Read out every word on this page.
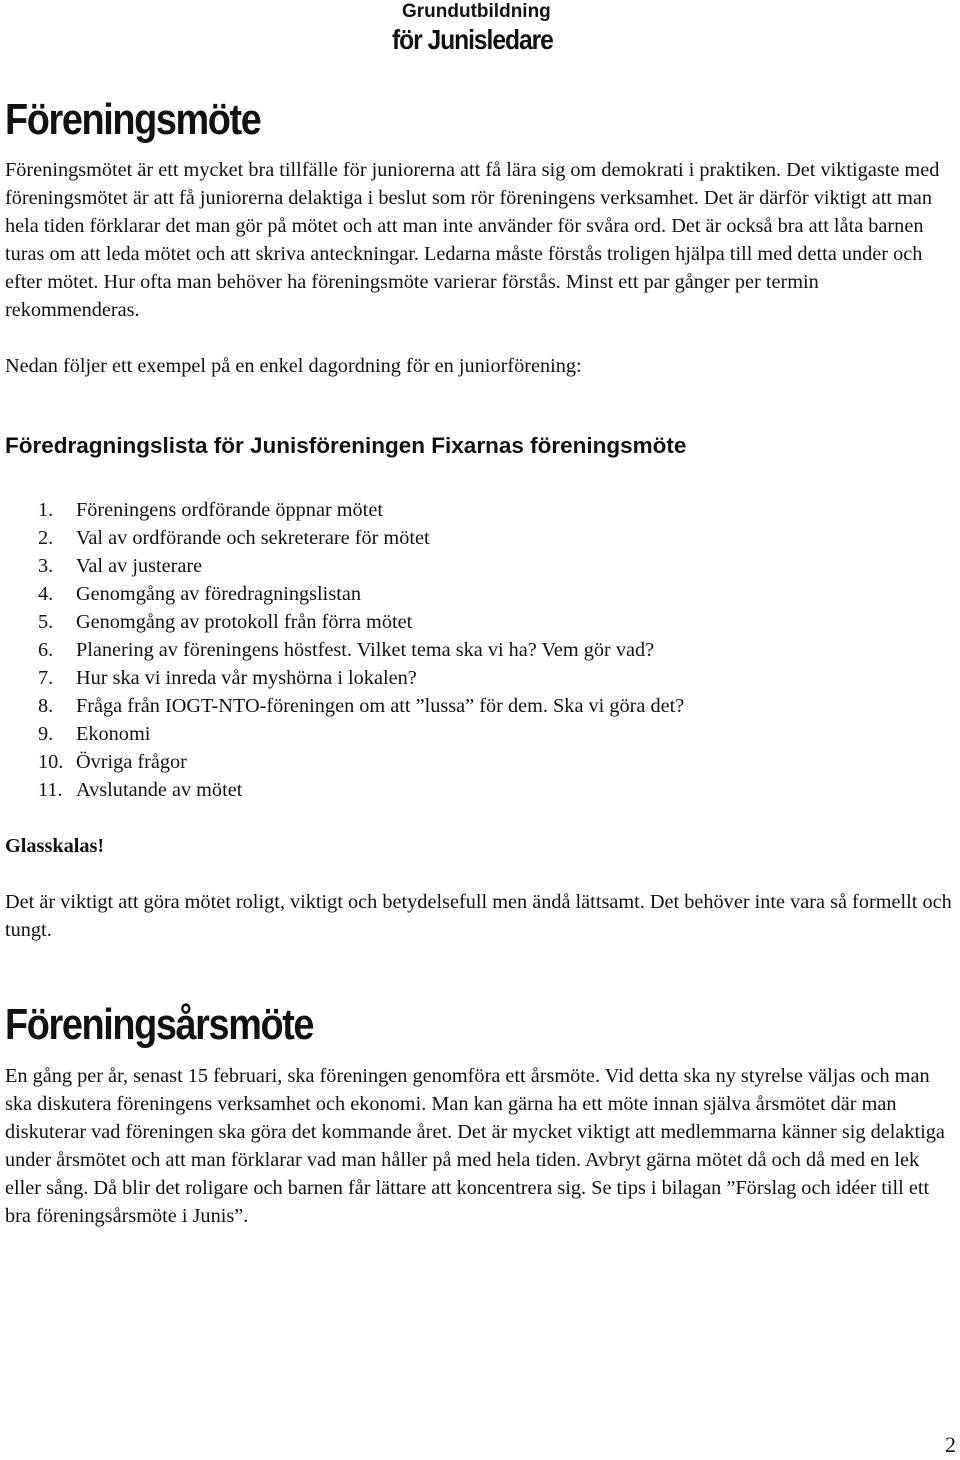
Grundutbildning
för Junisledare
Föreningsmöte

Föreningsmötet är ett mycket bra tillfälle för juniorerna att få lära sig om demokrati i praktiken. Det viktigaste med föreningsmötet är att få juniorerna delaktiga i beslut som rör föreningens verksamhet. Det är därför viktigt att man hela tiden förklarar det man gör på mötet och att man inte använder för svåra ord. Det är också bra att låta barnen turas om att leda mötet och att skriva anteckningar. Ledarna måste förstås troligen hjälpa till med detta under och efter mötet. Hur ofta man behöver ha föreningsmöte varierar förstås. Minst ett par gånger per termin rekommenderas.

Nedan följer ett exempel på en enkel dagordning för en juniorförening:

Föredragningslista för Junisföreningen Fixarnas föreningsmöte
1. Föreningens ordförande öppnar mötet
2. Val av ordförande och sekreterare för mötet
3. Val av justerare
4. Genomgång av föredragningslistan
5. Genomgång av protokoll från förra mötet
6. Planering av föreningens höstfest. Vilket tema ska vi ha? Vem gör vad?
7. Hur ska vi inreda vår myshörna i lokalen?
8. Fråga från IOGT-NTO-föreningen om att ”lussa” för dem. Ska vi göra det?
9. Ekonomi
10. Övriga frågor
11. Avslutande av mötet

Glasskalas!

Det är viktigt att göra mötet roligt, viktigt och betydelsefull men ändå lättsamt. Det behöver inte vara så formellt och tungt.

Föreningsårsmöte

En gång per år, senast 15 februari, ska föreningen genomföra ett årsmöte. Vid detta ska ny styrelse väljas och man ska diskutera föreningens verksamhet och ekonomi. Man kan gärna ha ett möte innan själva årsmötet där man diskuterar vad föreningen ska göra det kommande året. Det är mycket viktigt att medlemmarna känner sig delaktiga under årsmötet och att man förklarar vad man håller på med hela tiden. Avbryt gärna mötet då och då med en lek eller sång. Då blir det roligare och barnen får lättare att koncentrera sig. Se tips i bilagan ”Förslag och idéer till ett bra föreningsårsmöte i Junis”.

2
